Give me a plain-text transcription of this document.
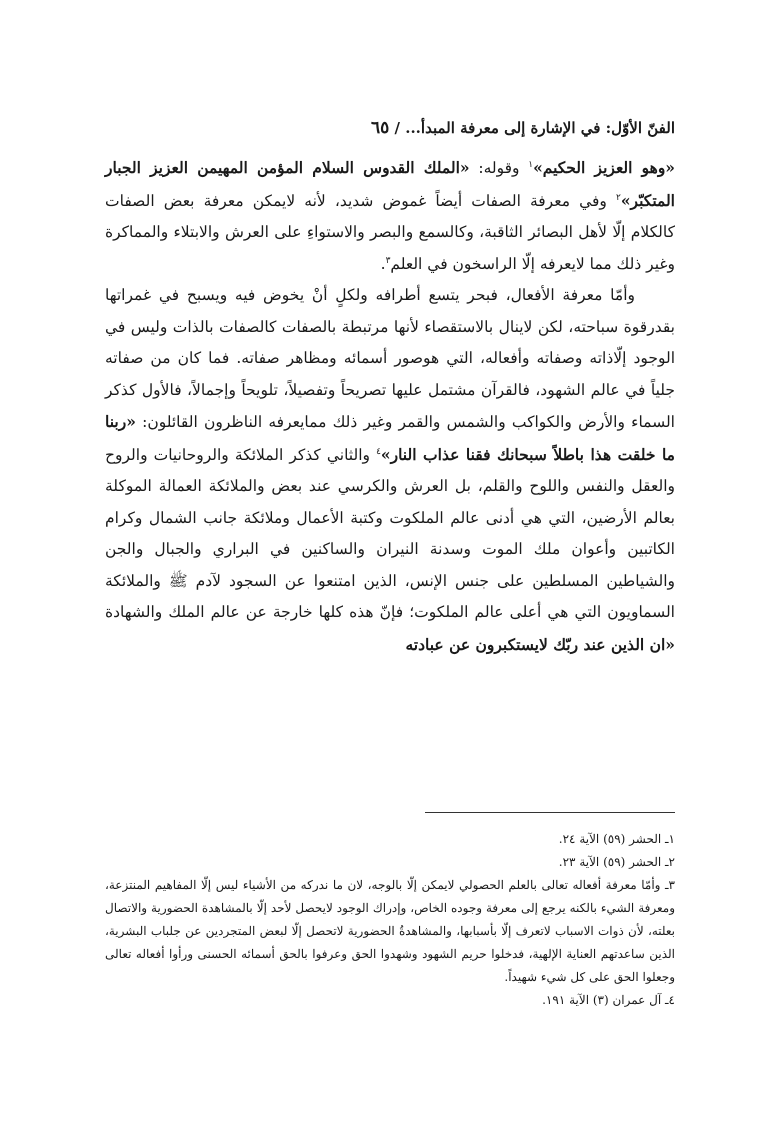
الفنّ الأوّل: في الإشارة إلى معرفة المبدأ... / ٦٥

«وهو العزيز الحكيم»$^١$ وقوله: «الملك القدوس السلام المؤمن المهيمن العزيز الجبار المتكبّر»$^٢$ وفي معرفة الصفات أيضاً غموض شديد، لأنه لايمكن معرفة بعض الصفات كالكلام إلّا لأهل البصائر الثاقبة، وكالسمع والبصر والاستواءِ على العرش والابتلاء والمماكرة وغير ذلك مما لايعرفه إلّا الراسخون في العلم$^٣$.

وأمّا معرفة الأفعال، فبحر يتسع أطرافه ولكلٍ أنْ يخوض فيه ويسبح في غمراتها بقدرقوة سباحته، لكن لاينال بالاستقصاء لأنها مرتبطة بالصفات كالصفات بالذات وليس في الوجود إلّاذاته وصفاته وأفعاله، التي هوصور أسمائه ومظاهر صفاته. فما كان من صفاته جلياً في عالم الشهود، فالقرآن مشتمل عليها تصريحاً وتفصيلاً، تلويحاً وإجمالاً، فالأول كذكر السماء والأرض والكواكب والشمس والقمر وغير ذلك ممايعرفه الناظرون القائلون: «ربنا ما خلقت هذا باطلاً سبحانك فقنا عذاب النار»$^٤$ والثاني كذكر الملائكة والروحانيات والروح والعقل والنفس واللوح والقلم، بل العرش والكرسي عند بعض والملائكة العمالة الموكلة بعالم الأرضين، التي هي أدنى عالم الملكوت وكتبة الأعمال وملائكة جانب الشمال وكرام الكاتبين وأعوان ملك الموت وسدنة النيران والساكنين في البراري والجبال والجن والشياطين المسلطين على جنس الإنس، الذين امتنعوا عن السجود لآدم ﷺ والملائكة السماويون التي هي أعلى عالم الملكوت؛ فإنّ هذه كلها خارجة عن عالم الملك والشهادة «ان الذين عند ربّك لايستكبرون عن عبادته

١ـ الحشر (٥٩) الآية ٢٤.

٢ـ الحشر (٥٩) الآية ٢٣.

٣ـ وأمّا معرفة أفعاله تعالى بالعلم الحصولي لايمكن إلّا بالوجه، لان ما ندركه من الأشياء ليس إلّا المفاهيم المنتزعة، ومعرفة الشيء بالكنه يرجع إلى معرفة وجوده الخاص، وإدراك الوجود لايحصل لأحد إلّا بالمشاهدة الحضورية والاتصال بعلته، لأن ذوات الاسباب لاتعرف إلّا بأسبابها، والمشاهدةُ الحضورية لاتحصل إلّا لبعض المتجردين عن جلباب البشرية، الذين ساعدتهم العناية الإلهية، فدخلوا حريم الشهود وشهدوا الحق وعرفوا بالحق أسمائه الحسنى ورأوا أفعاله تعالى وجعلوا الحق على كل شيء شهيداً.

٤ـ آل عمران (٣) الآية ١٩١.
